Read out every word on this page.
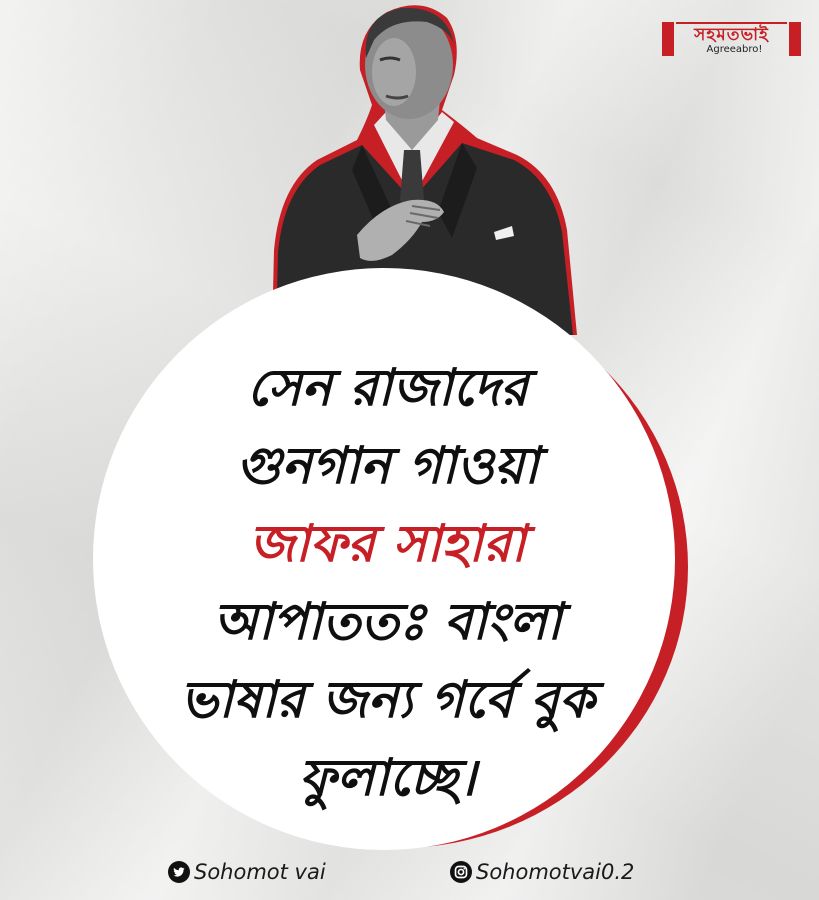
সহমতভাই
Agreeabro!
সেন রাজাদের
গুনগান গাওয়া
জাফর সাহারা
আপাততঃ বাংলা
ভাষার জন্য গর্বে বুক
ফুলাচ্ছে।
Sohomot vai	Sohomotvai0.2
